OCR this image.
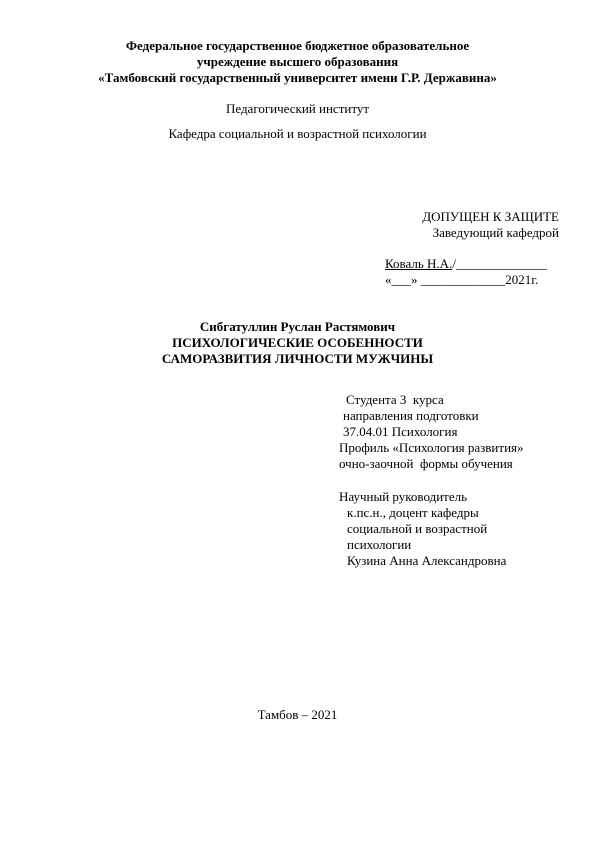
Федеральное государственное бюджетное образовательное
учреждение высшего образования
«Тамбовский государственный университет имени Г.Р. Державина»
Педагогический институт
Кафедра социальной и возрастной психологии
ДОПУЩЕН К ЗАЩИТЕ
Заведующий кафедрой
Коваль Н.А./______________
«___» _____________2021г.
Сибгатуллин Руслан Растямович
ПСИХОЛОГИЧЕСКИЕ ОСОБЕННОСТИ
САМОРАЗВИТИЯ ЛИЧНОСТИ МУЖЧИНЫ
Студента 3  курса
направления подготовки
37.04.01 Психология
Профиль «Психология развития»
очно-заочной  формы обучения
Научный руководитель
к.пс.н., доцент кафедры
социальной и возрастной
психологии
Кузина Анна Александровна
Тамбов – 2021
